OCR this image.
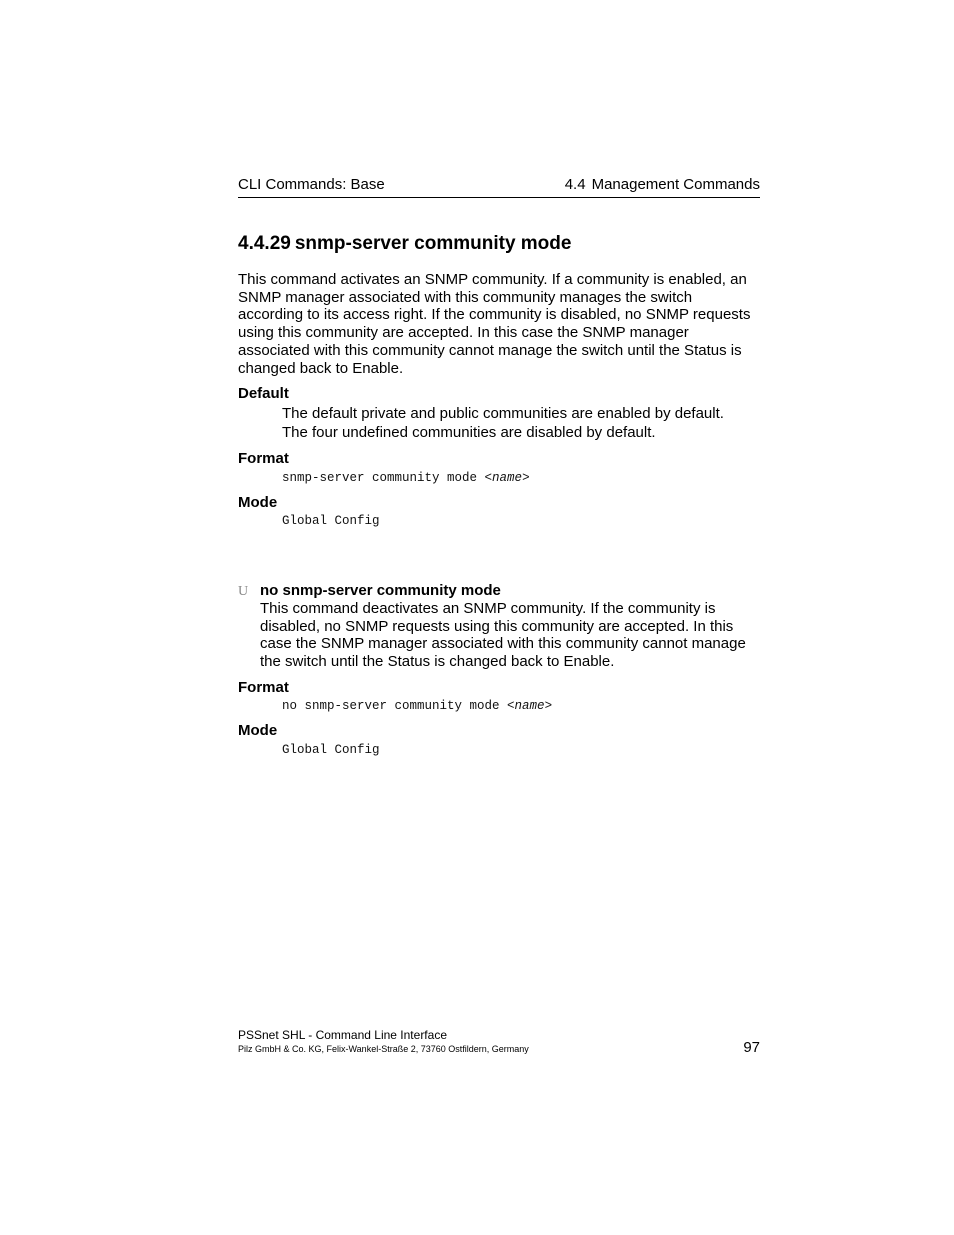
CLI Commands: Base	4.4 Management Commands
4.4.29 snmp-server community mode
This command activates an SNMP community. If a community is enabled, an SNMP manager associated with this community manages the switch according to its access right. If the community is disabled, no SNMP requests using this community are accepted. In this case the SNMP manager associated with this community cannot manage the switch until the Status is changed back to Enable.
Default
The default private and public communities are enabled by default.
The four undefined communities are disabled by default.
Format
snmp-server community mode <name>
Mode
Global Config
U no snmp-server community mode
This command deactivates an SNMP community. If the community is disabled, no SNMP requests using this community are accepted. In this case the SNMP manager associated with this community cannot manage the switch until the Status is changed back to Enable.
Format
no snmp-server community mode <name>
Mode
Global Config
PSSnet SHL - Command Line Interface
Pilz GmbH & Co. KG, Felix-Wankel-Straße 2, 73760 Ostfildern, Germany	97
